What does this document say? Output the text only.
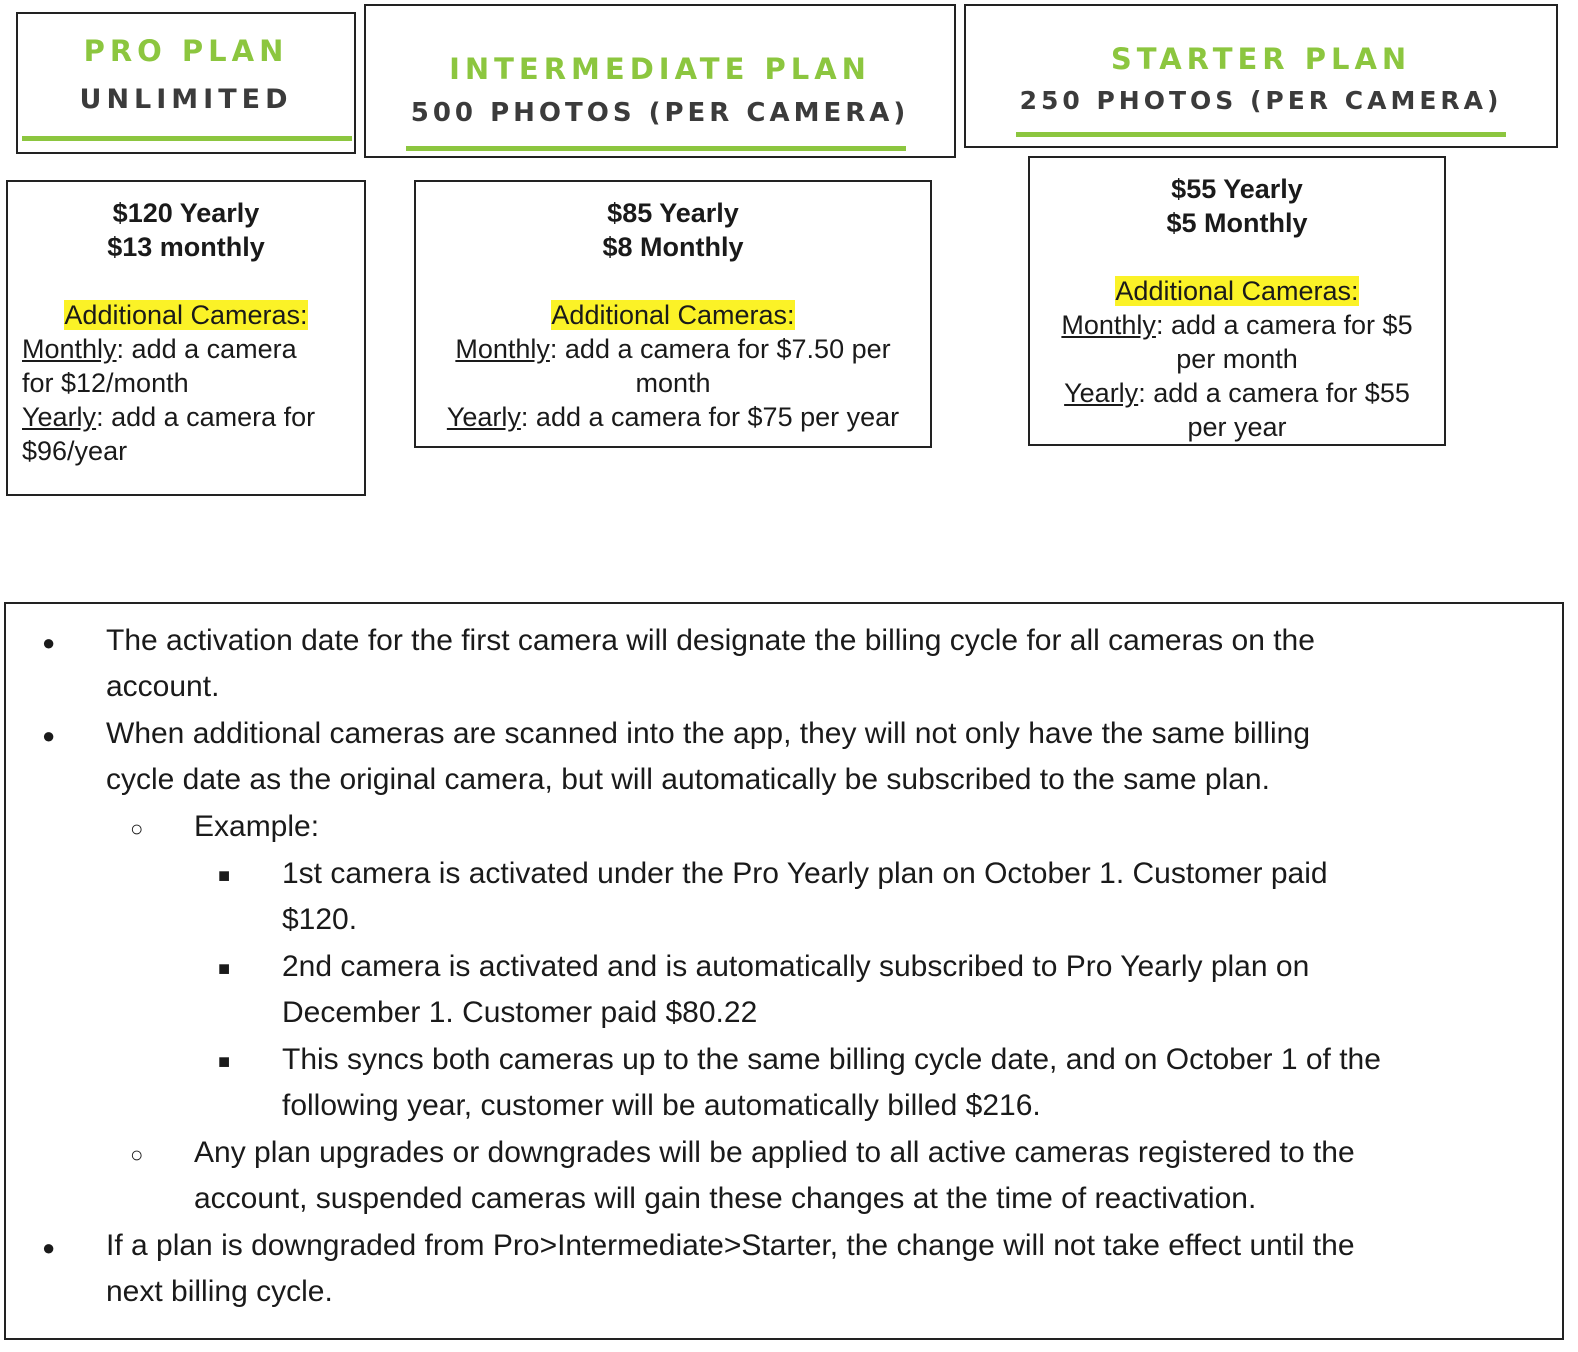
PRO PLAN
UNLIMITED
INTERMEDIATE PLAN
500 PHOTOS (PER CAMERA)
STARTER PLAN
250 PHOTOS (PER CAMERA)
$120 Yearly
$13 monthly
Additional Cameras:
Monthly: add a camera
for $12/month
Yearly: add a camera for
$96/year
$85 Yearly
$8 Monthly
Additional Cameras:
Monthly: add a camera for $7.50 per
month
Yearly: add a camera for $75 per year
$55 Yearly
$5 Monthly
Additional Cameras:
Monthly: add a camera for $5
per month
Yearly: add a camera for $55
per year
● The activation date for the first camera will designate the billing cycle for all cameras on the
account.
● When additional cameras are scanned into the app, they will not only have the same billing
cycle date as the original camera, but will automatically be subscribed to the same plan.
○ Example:
■ 1st camera is activated under the Pro Yearly plan on October 1. Customer paid
$120.
■ 2nd camera is activated and is automatically subscribed to Pro Yearly plan on
December 1. Customer paid $80.22
■ This syncs both cameras up to the same billing cycle date, and on October 1 of the
following year, customer will be automatically billed $216.
○ Any plan upgrades or downgrades will be applied to all active cameras registered to the
account, suspended cameras will gain these changes at the time of reactivation.
● If a plan is downgraded from Pro>Intermediate>Starter, the change will not take effect until the
next billing cycle.
